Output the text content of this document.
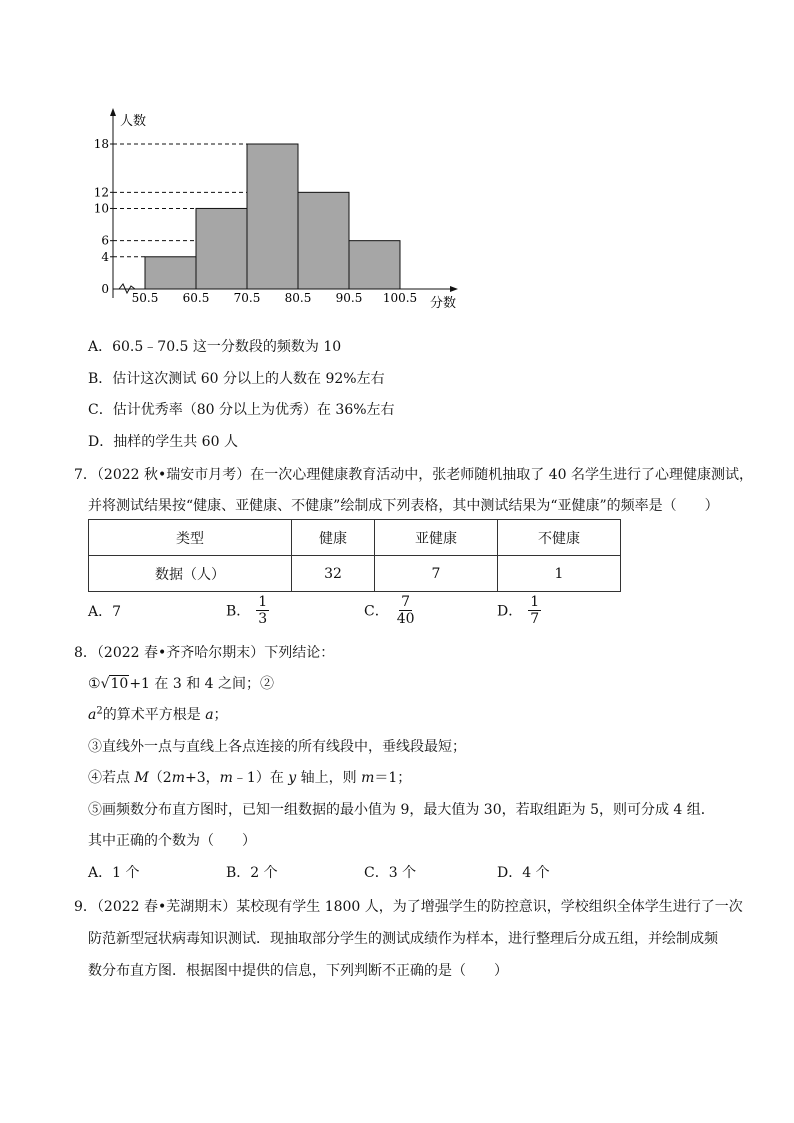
18
12
10
6
4
0
50.5 60.5 70.5 80.5 90.5 100.5
人数
分数
A．60.5﹣70.5 这一分数段的频数为 10
B．估计这次测试 60 分以上的人数在 92%左右
C．估计优秀率（80 分以上为优秀）在 36%左右
D．抽样的学生共 60 人
7．（2022 秋•瑞安市月考）在一次心理健康教育活动中，张老师随机抽取了 40 名学生进行了心理健康测试，
并将测试结果按“健康、亚健康、不健康”绘制成下列表格，其中测试结果为“亚健康”的频率是（　　）
类型	健康	亚健康	不健康
数据（人）	32	7	1
A．7	B． $\frac{1}{3}$	C． $\frac{7}{40}$	D． $\frac{1}{7}$
8．（2022 春•齐齐哈尔期末）下列结论：
①√10+1 在 3 和 4 之间；②
$a^2$的算术平方根是 a；
③直线外一点与直线上各点连接的所有线段中，垂线段最短；
④若点 M（2m+3，m﹣1）在 y 轴上，则 m＝1；
⑤画频数分布直方图时，已知一组数据的最小值为 9，最大值为 30，若取组距为 5，则可分成 4 组．
其中正确的个数为（　　）
A．1 个	B．2 个	C．3 个	D．4 个
9．（2022 春•芜湖期末）某校现有学生 1800 人，为了增强学生的防控意识，学校组织全体学生进行了一次
防范新型冠状病毒知识测试．现抽取部分学生的测试成绩作为样本，进行整理后分成五组，并绘制成频
数分布直方图．根据图中提供的信息，下列判断不正确的是（　　）
